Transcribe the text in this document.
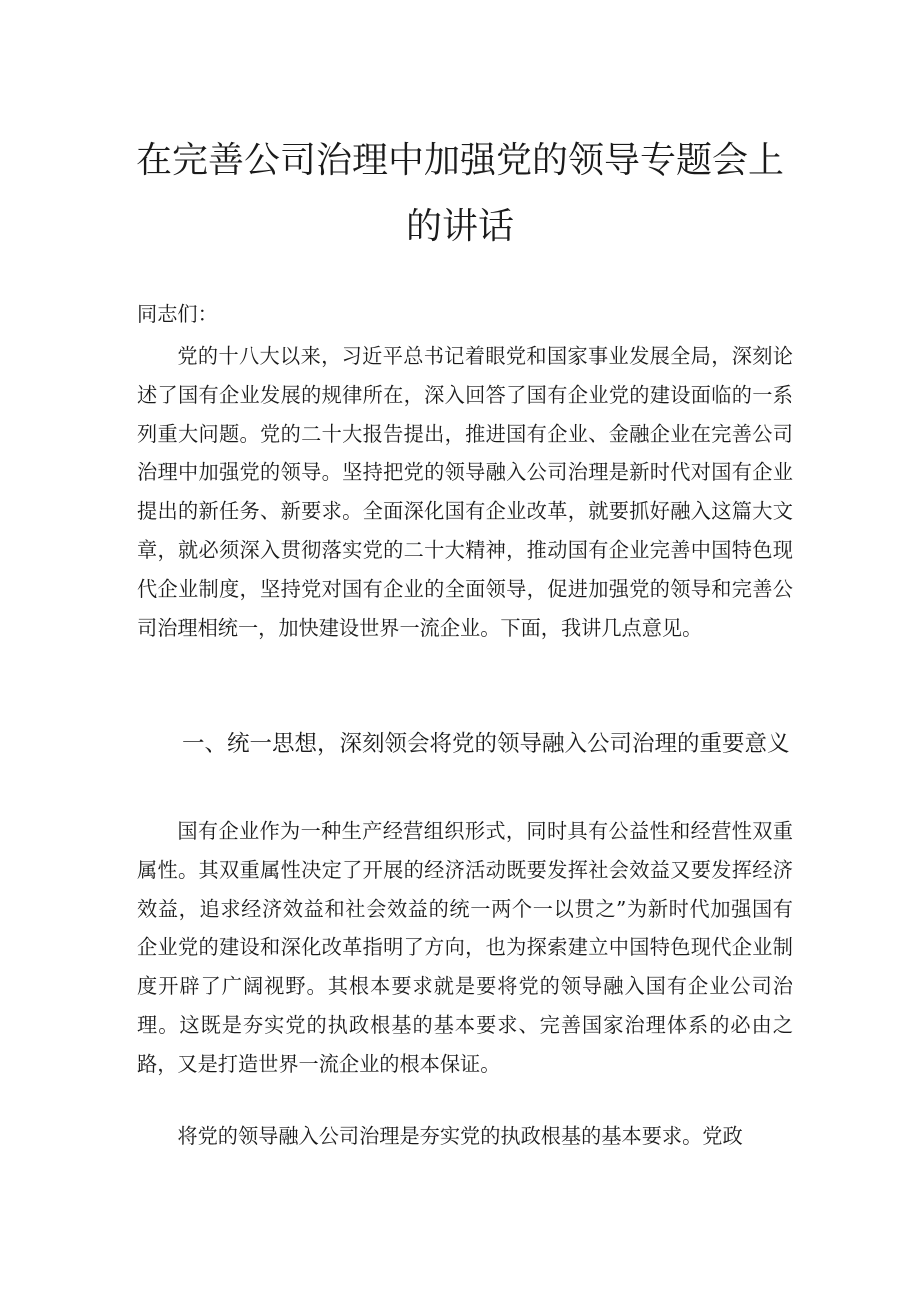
在完善公司治理中加强党的领导专题会上
的讲话

同志们：

党的十八大以来，习近平总书记着眼党和国家事业发展全局，深刻论述了国有企业发展的规律所在，深入回答了国有企业党的建设面临的一系列重大问题。党的二十大报告提出，推进国有企业、金融企业在完善公司治理中加强党的领导。坚持把党的领导融入公司治理是新时代对国有企业提出的新任务、新要求。全面深化国有企业改革，就要抓好融入这篇大文章，就必须深入贯彻落实党的二十大精神，推动国有企业完善中国特色现代企业制度，坚持党对国有企业的全面领导，促进加强党的领导和完善公司治理相统一，加快建设世界一流企业。下面，我讲几点意见。

一、统一思想，深刻领会将党的领导融入公司治理的重要意义

国有企业作为一种生产经营组织形式，同时具有公益性和经营性双重属性。其双重属性决定了开展的经济活动既要发挥社会效益又要发挥经济效益，追求经济效益和社会效益的统一两个一以贯之”为新时代加强国有企业党的建设和深化改革指明了方向，也为探索建立中国特色现代企业制度开辟了广阔视野。其根本要求就是要将党的领导融入国有企业公司治理。这既是夯实党的执政根基的基本要求、完善国家治理体系的必由之路，又是打造世界一流企业的根本保证。

将党的领导融入公司治理是夯实党的执政根基的基本要求。党政
